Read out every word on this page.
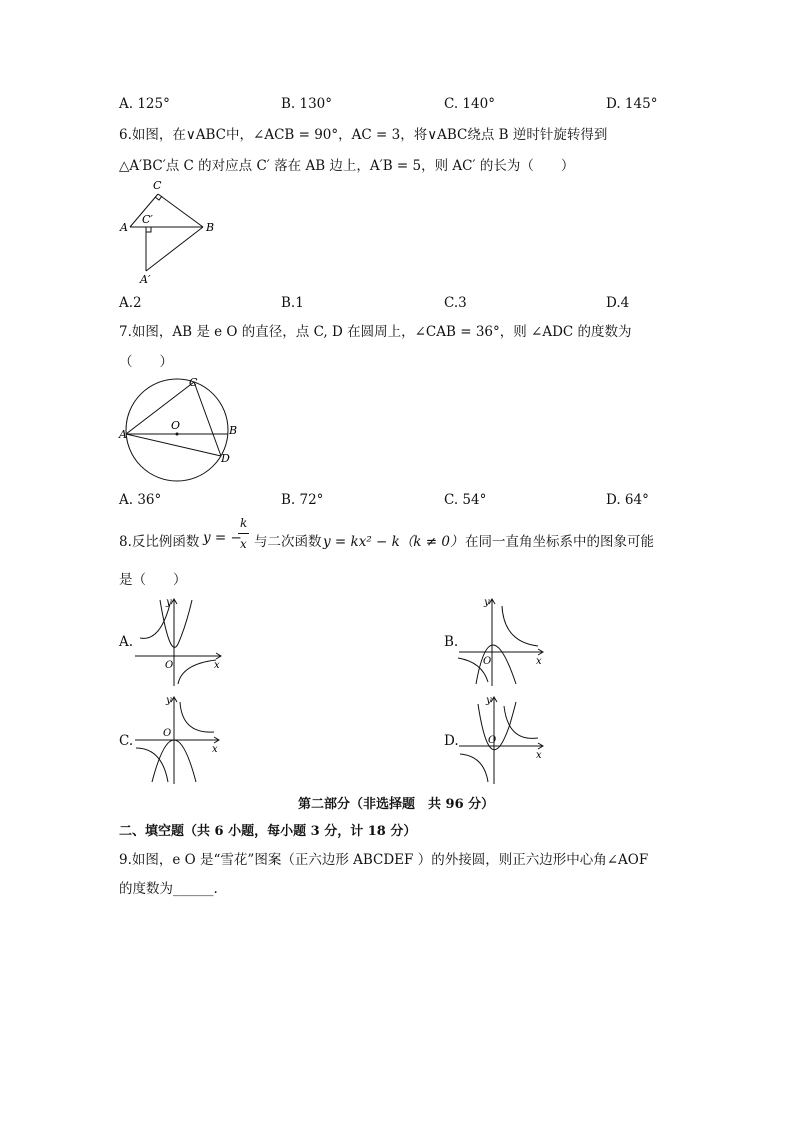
A. 125°	B. 130°	C. 140°	D. 145°
6.如图，在∨ABC中，∠ACB = 90°，AC = 3，将∨ABC绕点 B 逆时针旋转得到
△A′BC′点 C 的对应点 C′ 落在 AB 边上，A′B = 5，则 AC′ 的长为（　　）
C
C′
A	B
A′
A.2	B.1	C.3	D.4
7.如图，AB 是 e O 的直径，点 C, D 在圆周上，∠CAB = 36°，则 ∠ADC 的度数为
（　　）
C
O
A	B
D
A. 36°	B. 72°	C. 54°	D. 64°
8.反比例函数 y = −
k
x 与二次函数 y = kx² − k（k ≠ 0） 在同一直角坐标系中的图象可能
是（　　）
A.
y
x
O
B.
y
x
O
C.
y
x
O	D.
y
x
O
第二部分（非选择题　共 96 分）
二、填空题（共 6 小题，每小题 3 分，计 18 分）
9.如图，e O 是“雪花”图案（正六边形 ABCDEF ）的外接圆，则正六边形中心角∠AOF
的度数为______.
